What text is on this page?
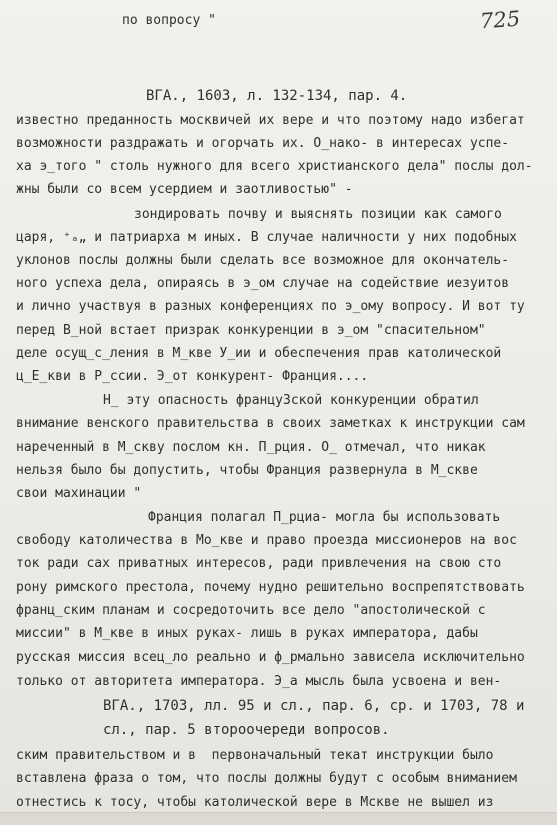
725
по вопросу "
ВГА., 1603, л. 132-134, пар. 4.
известно преданность москвичей их вере и что поэтому надо избегат
возможности раздражать и огорчать их. О̲нако- в интересах успе-
ха э̲того " столь нужного для всего христианского дела" послы дол-
жны были со всем усердием и заотливостью" -
зондировать почву и выяснять позиции как самого
царя, ⁺ₐ„ и патриарха м иных. В случае наличности у них подобных
уклонов послы должны были сделать все возможное для окончатель-
ного успеха дела, опираясь в э̲ом случае на содействие иезуитов
и лично участвуя в разных конференциях по э̲ому вопросу. И вот ту
перед В̲ной встает призрак конкуренции в э̲ом "спасительном"
деле осущ̲с̲ления в М̲кве У̲ии и обеспечения прав католической
ц̲Е̲кви в Р̲ссии. Э̲от конкурент- Франция....
Н̲ эту опасность француЗской конкуренции обратил
внимание венского правительства в своих заметках к инструкции сам
нареченный в М̲скву послом кн. П̲рция. О̲ отмечал, что никак
нельзя было бы допустить, чтобы Франция развернула в М̲скве
свои махинации "
Франция полагал П̲рциа- могла бы использовать
свободу католичества в Мо̲кве и право проезда миссионеров на вос
ток ради сах приватных интересов, ради привлечения на свою сто
рону римского престола, почему нудно решительно воспрепятствовать
франц̲ским планам и сосредоточить все дело "апостолической с
миссии" в М̲кве в иных руках- лишь в руках императора, дабы
русская миссия всец̲ло реально и ф̲рмально зависела исключительно
только от авторитета императора. Э̲а мысль была усвоена и вен-
ВГА., 1703, лл. 95 и сл., пар. 6, ср. и 1703, 78 и
сл., пар. 5 второочереди вопросов.
ским правительством и в  первоначальный текат инструкции было
вставлена фраза о том, что послы должны будут с особым вниманием
отнестись к тосу, чтобы католической вере в Мскве не вышел из
